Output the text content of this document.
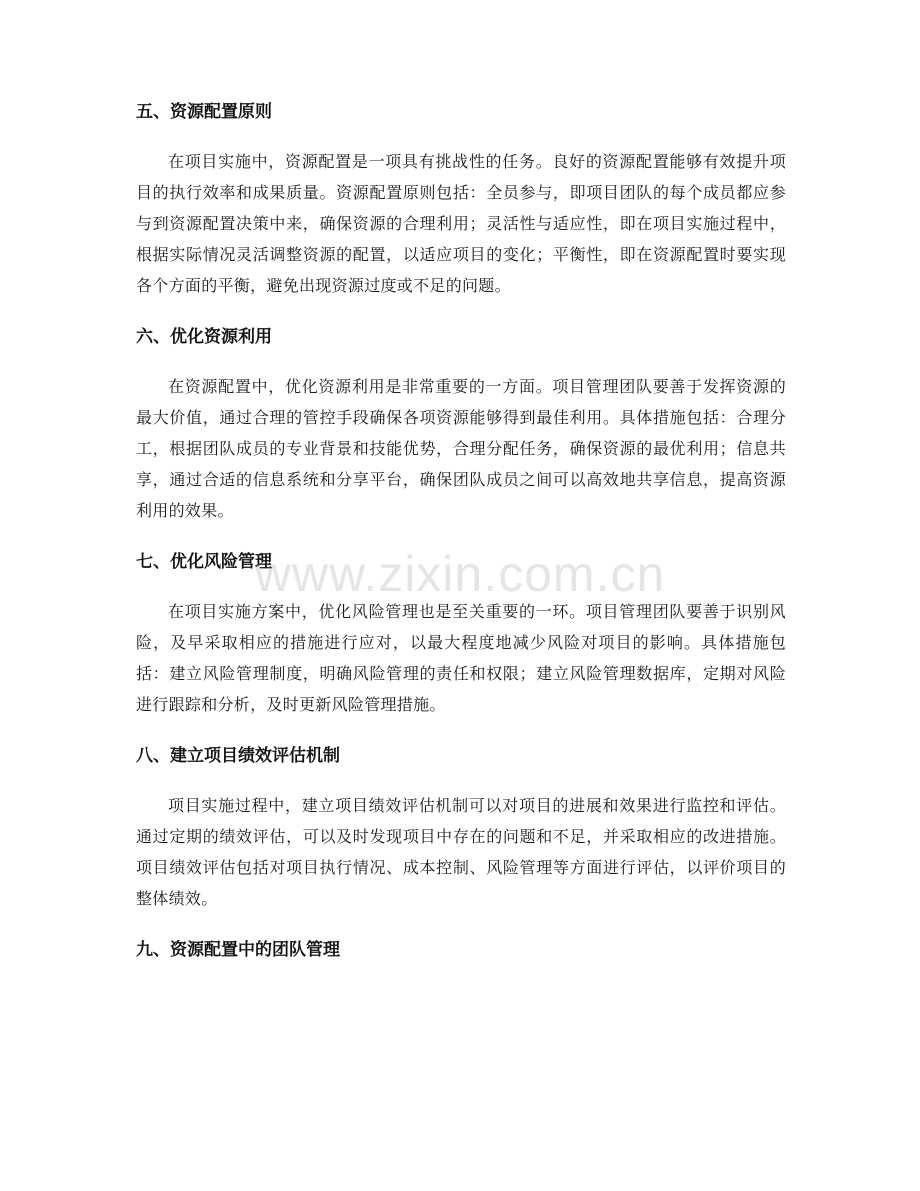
五、资源配置原则

在项目实施中，资源配置是一项具有挑战性的任务。良好的资源配置能够有效提升项目的执行效率和成果质量。资源配置原则包括：全员参与，即项目团队的每个成员都应参与到资源配置决策中来，确保资源的合理利用；灵活性与适应性，即在项目实施过程中，根据实际情况灵活调整资源的配置，以适应项目的变化；平衡性，即在资源配置时要实现各个方面的平衡，避免出现资源过度或不足的问题。

六、优化资源利用

在资源配置中，优化资源利用是非常重要的一方面。项目管理团队要善于发挥资源的最大价值，通过合理的管控手段确保各项资源能够得到最佳利用。具体措施包括：合理分工，根据团队成员的专业背景和技能优势，合理分配任务，确保资源的最优利用；信息共享，通过合适的信息系统和分享平台，确保团队成员之间可以高效地共享信息，提高资源利用的效果。

七、优化风险管理

在项目实施方案中，优化风险管理也是至关重要的一环。项目管理团队要善于识别风险，及早采取相应的措施进行应对，以最大程度地减少风险对项目的影响。具体措施包括：建立风险管理制度，明确风险管理的责任和权限；建立风险管理数据库，定期对风险进行跟踪和分析，及时更新风险管理措施。

八、建立项目绩效评估机制

项目实施过程中，建立项目绩效评估机制可以对项目的进展和效果进行监控和评估。通过定期的绩效评估，可以及时发现项目中存在的问题和不足，并采取相应的改进措施。项目绩效评估包括对项目执行情况、成本控制、风险管理等方面进行评估，以评价项目的整体绩效。

九、资源配置中的团队管理
www.zixin.com.cn
